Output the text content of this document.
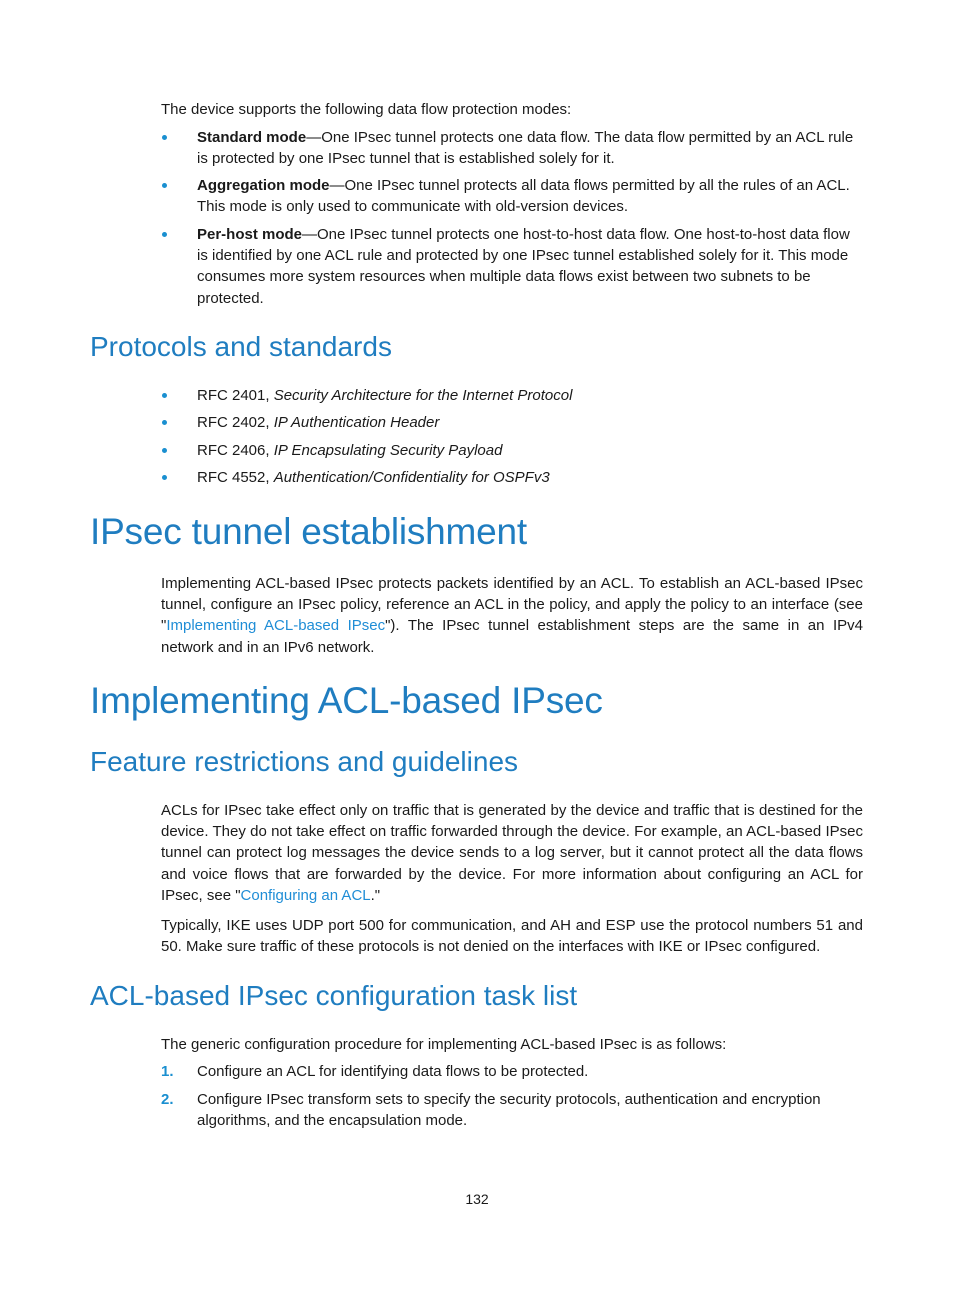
The device supports the following data flow protection modes:

Standard mode—One IPsec tunnel protects one data flow. The data flow permitted by an ACL rule is protected by one IPsec tunnel that is established solely for it.
Aggregation mode—One IPsec tunnel protects all data flows permitted by all the rules of an ACL. This mode is only used to communicate with old-version devices.
Per-host mode—One IPsec tunnel protects one host-to-host data flow. One host-to-host data flow is identified by one ACL rule and protected by one IPsec tunnel established solely for it. This mode consumes more system resources when multiple data flows exist between two subnets to be protected.
Protocols and standards
RFC 2401, Security Architecture for the Internet Protocol
RFC 2402, IP Authentication Header
RFC 2406, IP Encapsulating Security Payload
RFC 4552, Authentication/Confidentiality for OSPFv3
IPsec tunnel establishment

Implementing ACL-based IPsec protects packets identified by an ACL. To establish an ACL-based IPsec tunnel, configure an IPsec policy, reference an ACL in the policy, and apply the policy to an interface (see "Implementing ACL-based IPsec"). The IPsec tunnel establishment steps are the same in an IPv4 network and in an IPv6 network.

Implementing ACL-based IPsec
Feature restrictions and guidelines

ACLs for IPsec take effect only on traffic that is generated by the device and traffic that is destined for the device. They do not take effect on traffic forwarded through the device. For example, an ACL-based IPsec tunnel can protect log messages the device sends to a log server, but it cannot protect all the data flows and voice flows that are forwarded by the device. For more information about configuring an ACL for IPsec, see "Configuring an ACL."

Typically, IKE uses UDP port 500 for communication, and AH and ESP use the protocol numbers 51 and 50. Make sure traffic of these protocols is not denied on the interfaces with IKE or IPsec configured.

ACL-based IPsec configuration task list

The generic configuration procedure for implementing ACL-based IPsec is as follows:

1. Configure an ACL for identifying data flows to be protected.
2. Configure IPsec transform sets to specify the security protocols, authentication and encryption algorithms, and the encapsulation mode.
132
